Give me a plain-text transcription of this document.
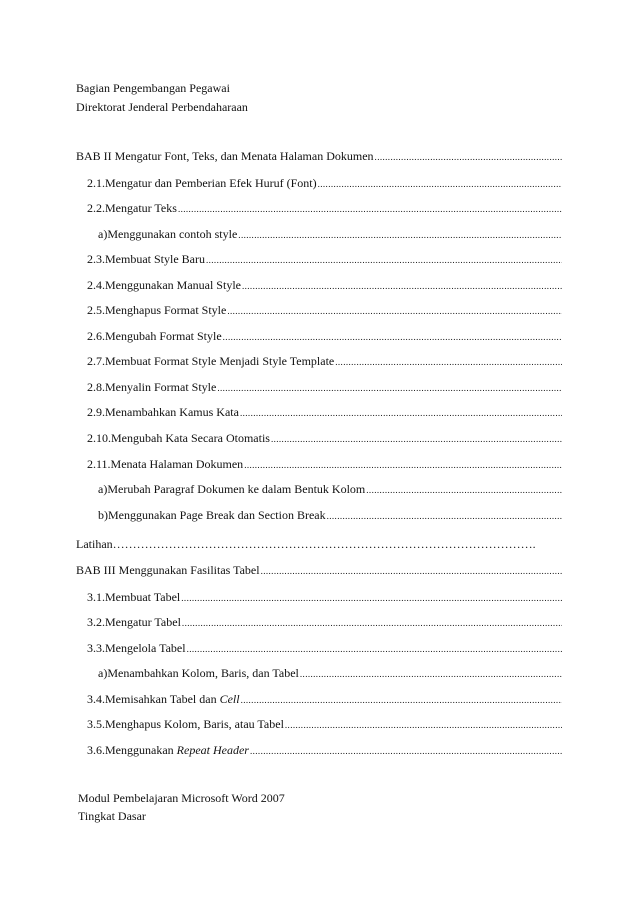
Bagian Pengembangan Pegawai
Direktorat Jenderal Perbendaharaan
BAB II Mengatur Font, Teks, dan Menata Halaman Dokumen
.....
2.1.Mengatur dan Pemberian Efek Huruf (Font)
.....
2.2.Mengatur Teks
.....
a)Menggunakan contoh style
.....
2.3.Membuat Style Baru
.....
2.4.Menggunakan Manual Style
.....
2.5.Menghapus Format Style
.....
2.6.Mengubah Format Style
.....
2.7.Membuat Format Style Menjadi Style Template
.....
2.8.Menyalin Format Style
.....
2.9.Menambahkan Kamus Kata
.....
2.10.Mengubah Kata Secara Otomatis
.....
2.11.Menata Halaman Dokumen
.....
a)Merubah Paragraf Dokumen ke dalam Bentuk Kolom
.....
b)Menggunakan Page Break dan Section Break
.....
Latihan…………………………………………………………………………………………….
BAB III Menggunakan Fasilitas Tabel
.....
3.1.Membuat Tabel
.....
3.2.Mengatur Tabel
.....
3.3.Mengelola Tabel
.....
a)Menambahkan Kolom, Baris, dan Tabel
.....
3.4.Memisahkan Tabel dan Cell
.....
3.5.Menghapus Kolom, Baris, atau Tabel
.....
3.6.Menggunakan Repeat Header
.....
Modul Pembelajaran Microsoft Word 2007
Tingkat Dasar
